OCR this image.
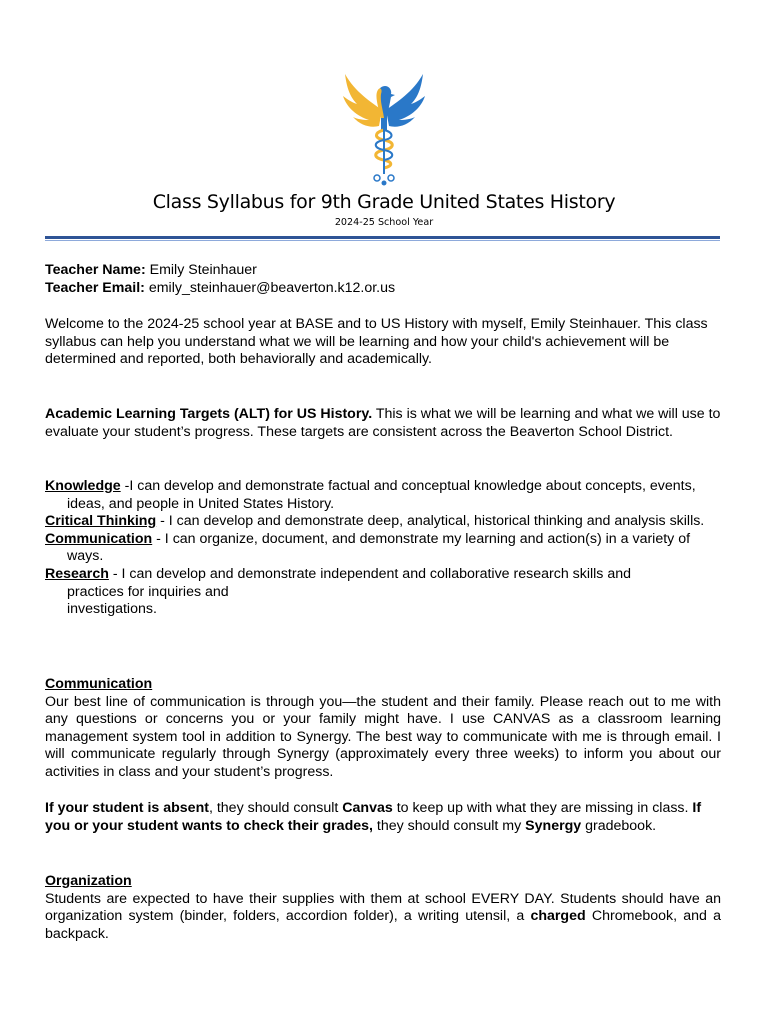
Class Syllabus for 9th Grade United States History
2024-25 School Year

Teacher Name: Emily Steinhauer

Teacher Email: emily_steinhauer@beaverton.k12.or.us

Welcome to the 2024-25 school year at BASE and to US History with myself, Emily Steinhauer. This class syllabus can help you understand what we will be learning and how your child's achievement will be determined and reported, both behaviorally and academically.
Academic Learning Targets (ALT) for US History. This is what we will be learning and what we will use to evaluate your student’s progress. These targets are consistent across the Beaverton School District.

Knowledge -I can develop and demonstrate factual and conceptual knowledge about concepts, events, ideas, and people in United States History.

Critical Thinking - I can develop and demonstrate deep, analytical, historical thinking and analysis skills.

Communication - I can organize, document, and demonstrate my learning and action(s) in a variety of ways.

Research - I can develop and demonstrate independent and collaborative research skills and practices for inquiries and

investigations.

Communication

Our best line of communication is through you—the student and their family. Please reach out to me with any questions or concerns you or your family might have. I use CANVAS as a classroom learning management system tool in addition to Synergy. The best way to communicate with me is through email. I will communicate regularly through Synergy (approximately every three weeks) to inform you about our activities in class and your student’s progress.

If your student is absent, they should consult Canvas to keep up with what they are missing in class. If you or your student wants to check their grades, they should consult my Synergy gradebook.

Organization

Students are expected to have their supplies with them at school EVERY DAY. Students should have an organization system (binder, folders, accordion folder), a writing utensil, a charged Chromebook, and a backpack.
